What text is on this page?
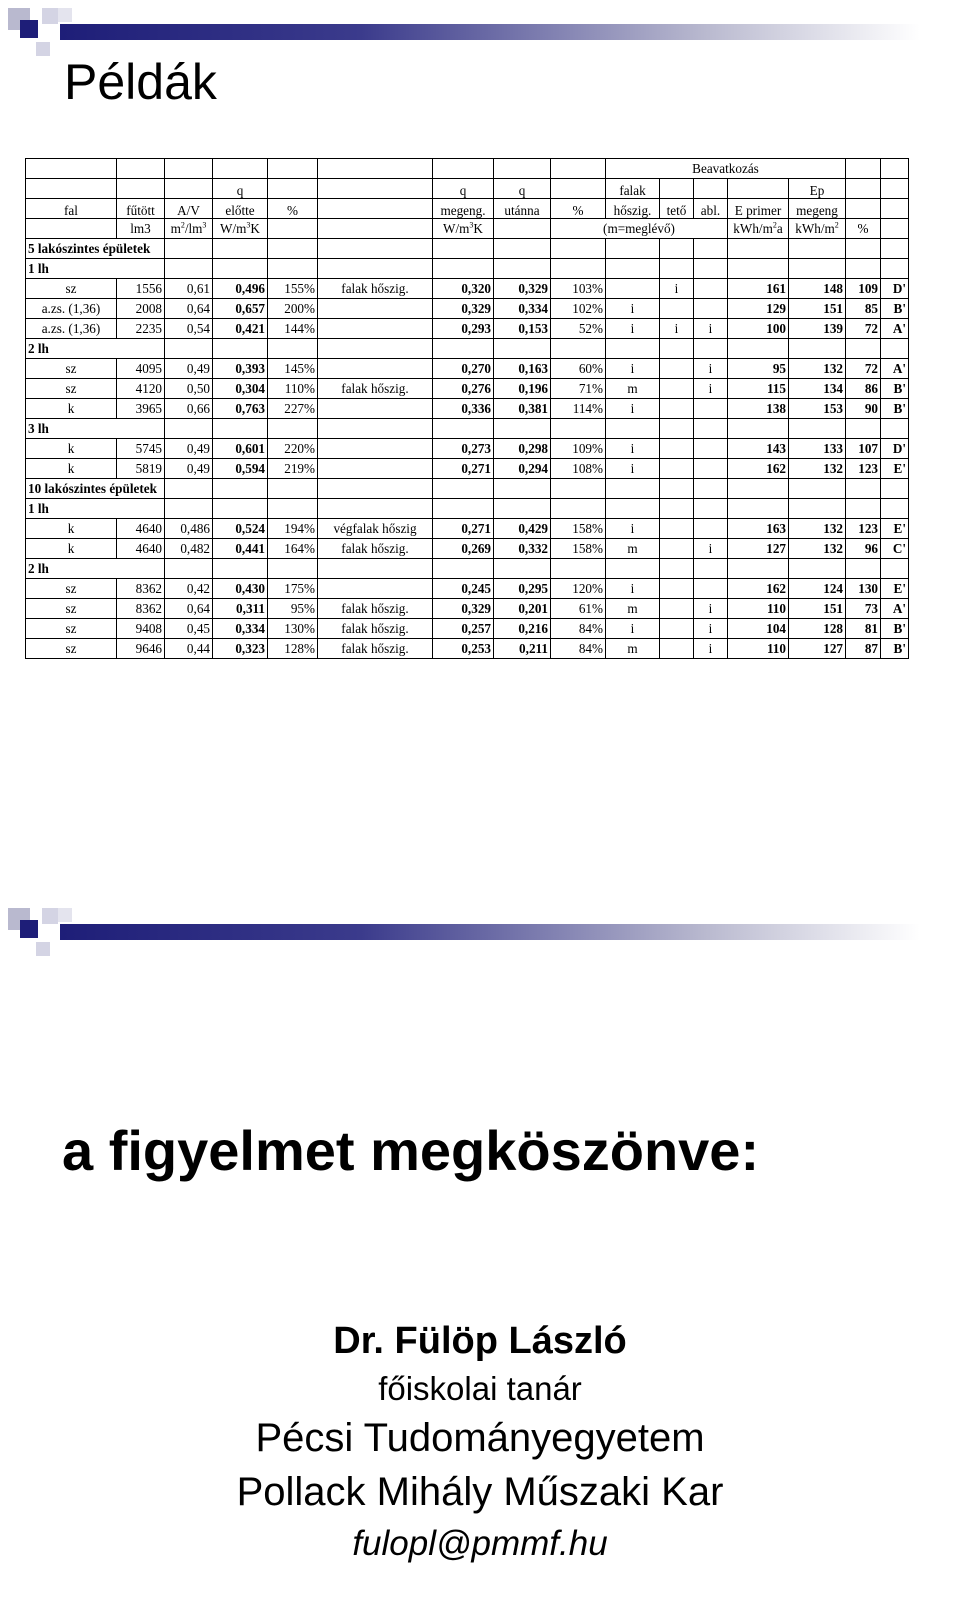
Példák
									Beavatkozás						
			q			q	q		falak				Ep		
fal	fűtött	A/V	előtte	%		megeng.	utánna	%	hőszig.	tető	abl.	E primer	megeng		
	lm3	$m^2/lm^3$	$W/m^3K$			$W/m^3K$		(m=meglévő)				kWh/$m^2a$	kWh/$m^2$	%	
5 lakószintes épületek															
1 lh															
sz	1556	0,61	0,496	155%	falak hőszig.	0,320	0,329	103%		i		161	148	109	D'
a.zs. (1,36)	2008	0,64	0,657	200%		0,329	0,334	102%	i			129	151	85	B'
a.zs. (1,36)	2235	0,54	0,421	144%		0,293	0,153	52%	i	i	i	100	139	72	A'
2 lh															
sz	4095	0,49	0,393	145%		0,270	0,163	60%	i		i	95	132	72	A'
sz	4120	0,50	0,304	110%	falak hőszig.	0,276	0,196	71%	m		i	115	134	86	B'
k	3965	0,66	0,763	227%		0,336	0,381	114%	i			138	153	90	B'
3 lh															
k	5745	0,49	0,601	220%		0,273	0,298	109%	i			143	133	107	D'
k	5819	0,49	0,594	219%		0,271	0,294	108%	i			162	132	123	E'
10 lakószintes épületek															
1 lh															
k	4640	0,486	0,524	194%	végfalak hőszig	0,271	0,429	158%	i			163	132	123	E'
k	4640	0,482	0,441	164%	falak hőszig.	0,269	0,332	158%	m		i	127	132	96	C'
2 lh															
sz	8362	0,42	0,430	175%		0,245	0,295	120%	i			162	124	130	E'
sz	8362	0,64	0,311	95%	falak hőszig.	0,329	0,201	61%	m		i	110	151	73	A'
sz	9408	0,45	0,334	130%	falak hőszig.	0,257	0,216	84%	i		i	104	128	81	B'
sz	9646	0,44	0,323	128%	falak hőszig.	0,253	0,211	84%	m		i	110	127	87	B'
a figyelmet megköszönve:

Dr. Fülöp László

főiskolai tanár

Pécsi Tudományegyetem

Pollack Mihály Műszaki Kar

fulopl@pmmf.hu
